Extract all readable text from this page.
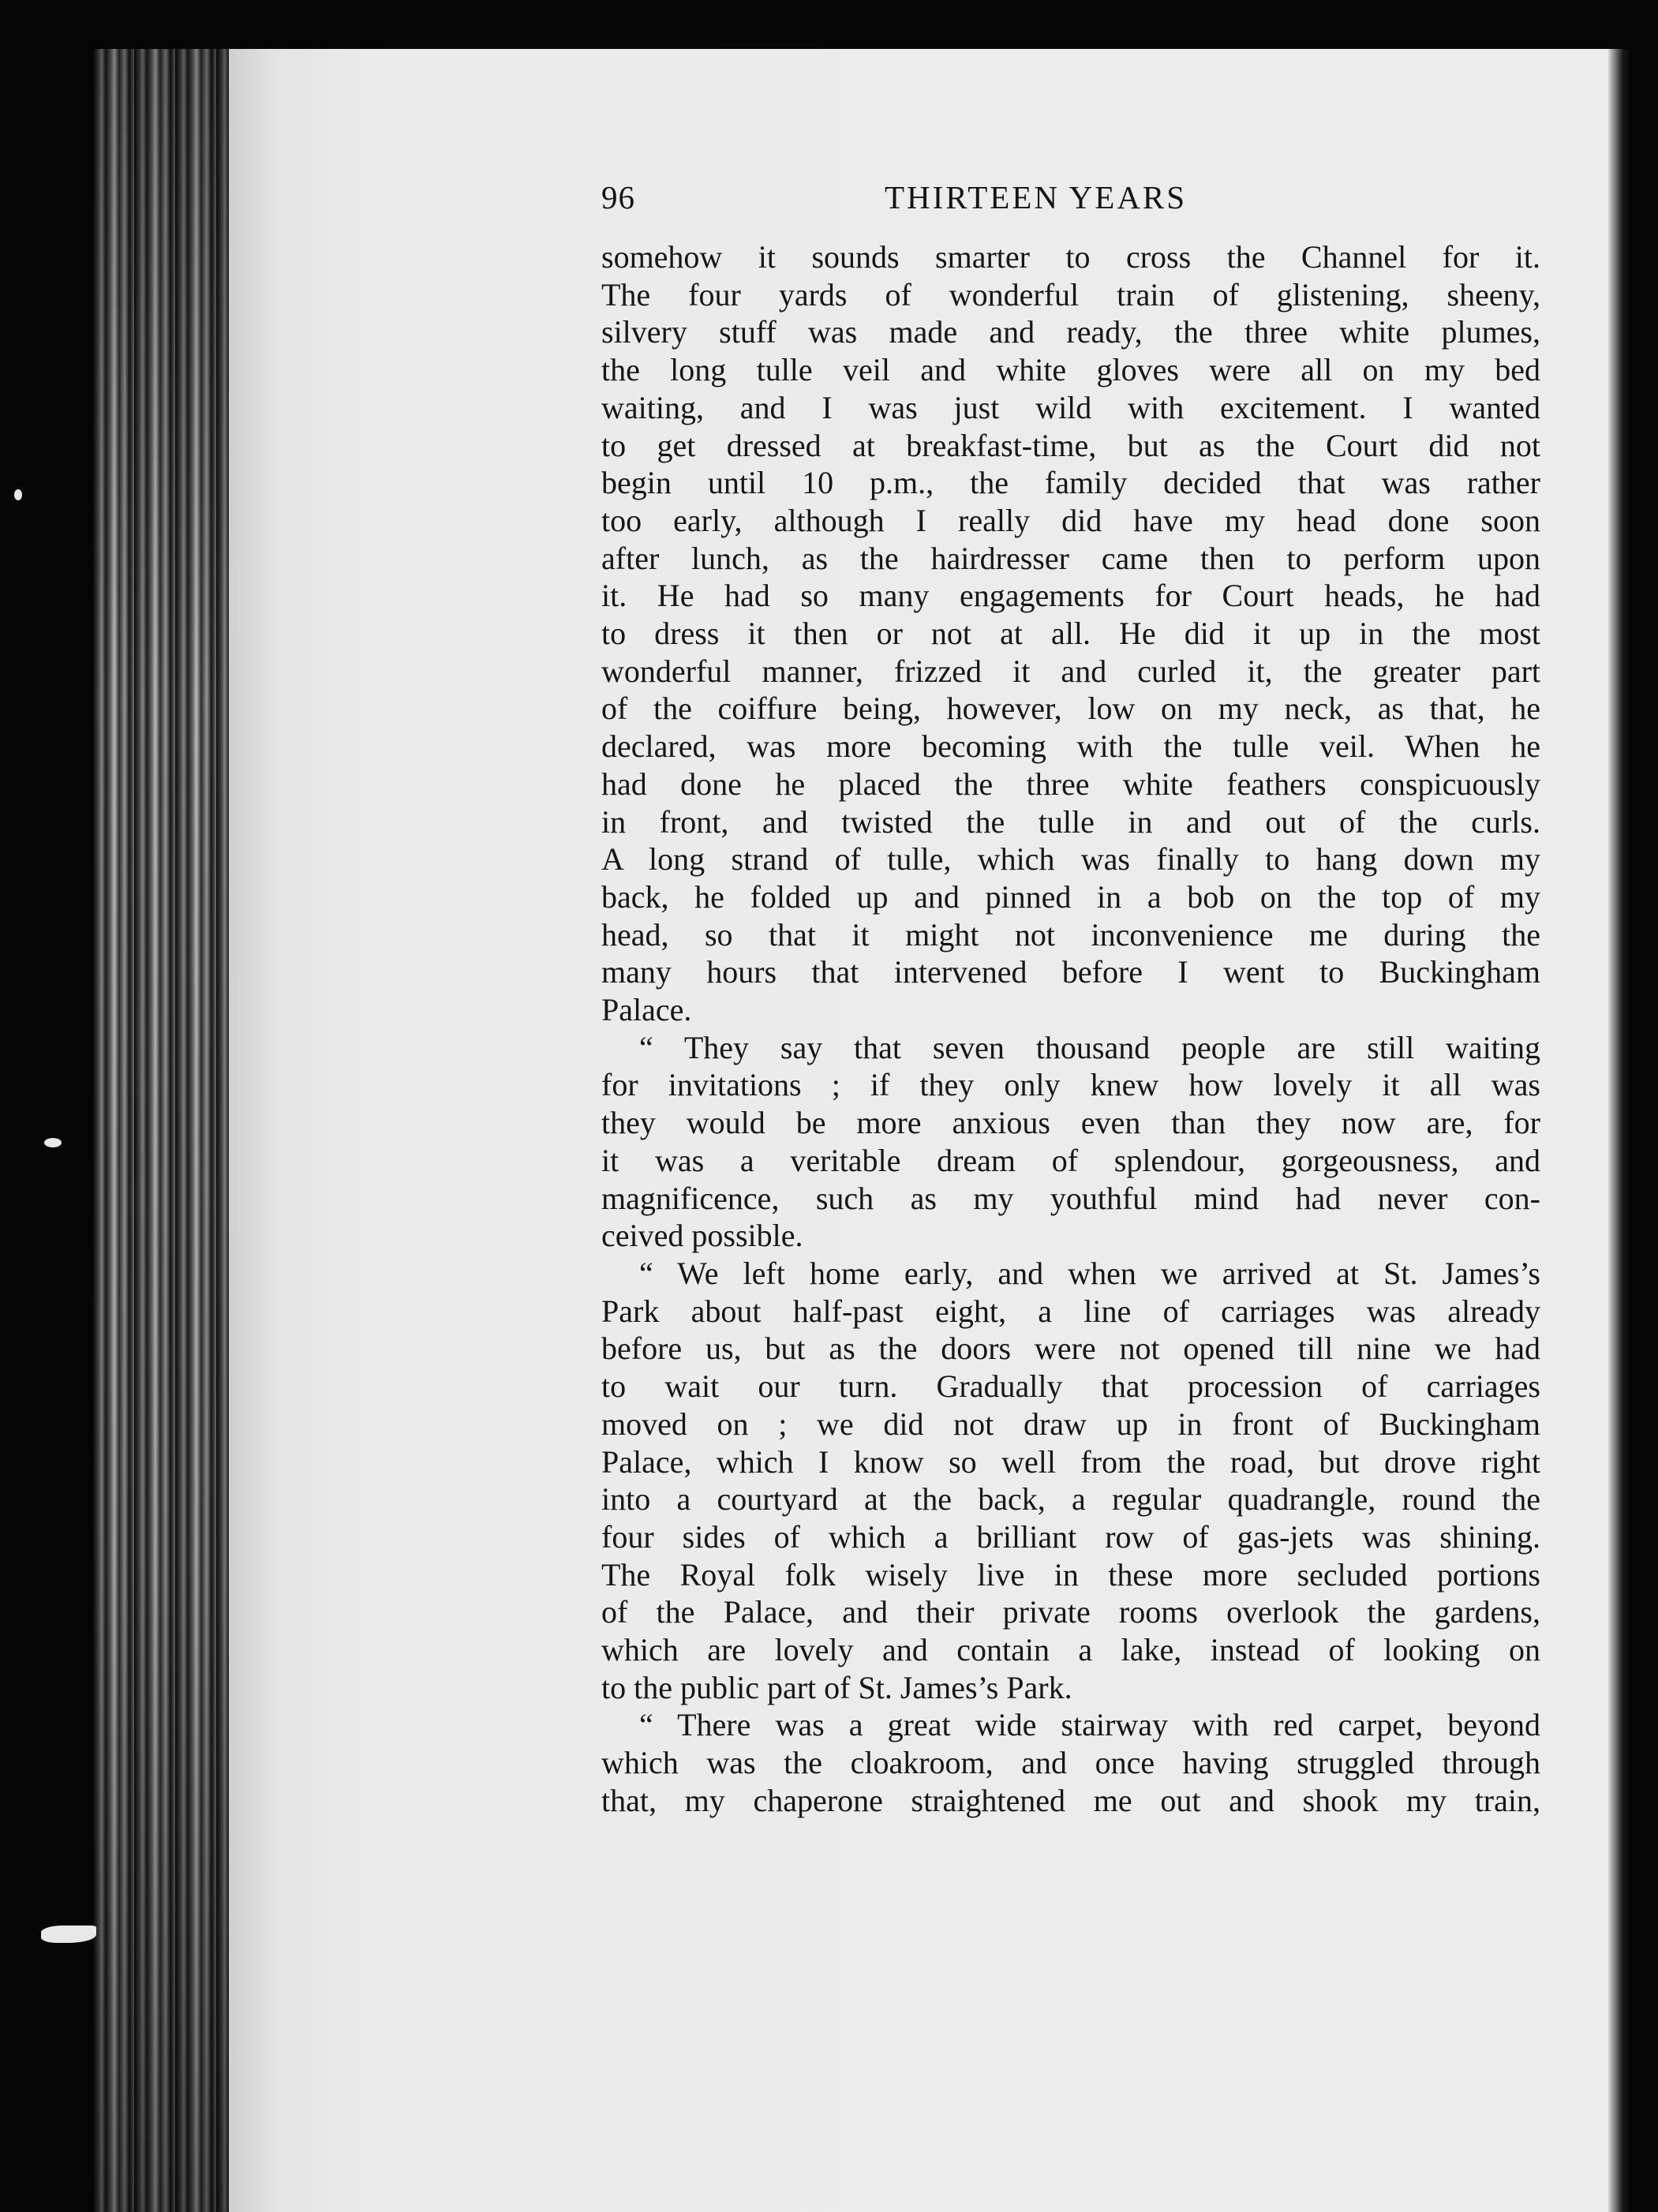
96	THIRTEEN YEARS
somehow it sounds smarter to cross the Channel for it.
The four yards of wonderful train of glistening, sheeny,
silvery stuff was made and ready, the three white plumes,
the long tulle veil and white gloves were all on my bed
waiting, and I was just wild with excitement. I wanted
to get dressed at breakfast-time, but as the Court did not
begin until 10 p.m., the family decided that was rather
too early, although I really did have my head done soon
after lunch, as the hairdresser came then to perform upon
it. He had so many engagements for Court heads, he had
to dress it then or not at all. He did it up in the most
wonderful manner, frizzed it and curled it, the greater part
of the coiffure being, however, low on my neck, as that, he
declared, was more becoming with the tulle veil. When he
had done he placed the three white feathers conspicuously
in front, and twisted the tulle in and out of the curls.
A long strand of tulle, which was finally to hang down my
back, he folded up and pinned in a bob on the top of my
head, so that it might not inconvenience me during the
many hours that intervened before I went to Buckingham
Palace.
“ They say that seven thousand people are still waiting
for invitations ; if they only knew how lovely it all was
they would be more anxious even than they now are, for
it was a veritable dream of splendour, gorgeousness, and
magnificence, such as my youthful mind had never con-
ceived possible.
“ We left home early, and when we arrived at St. James’s
Park about half-past eight, a line of carriages was already
before us, but as the doors were not opened till nine we had
to wait our turn. Gradually that procession of carriages
moved on ; we did not draw up in front of Buckingham
Palace, which I know so well from the road, but drove right
into a courtyard at the back, a regular quadrangle, round the
four sides of which a brilliant row of gas-jets was shining.
The Royal folk wisely live in these more secluded portions
of the Palace, and their private rooms overlook the gardens,
which are lovely and contain a lake, instead of looking on
to the public part of St. James’s Park.
“ There was a great wide stairway with red carpet, beyond
which was the cloakroom, and once having struggled through
that, my chaperone straightened me out and shook my train,
